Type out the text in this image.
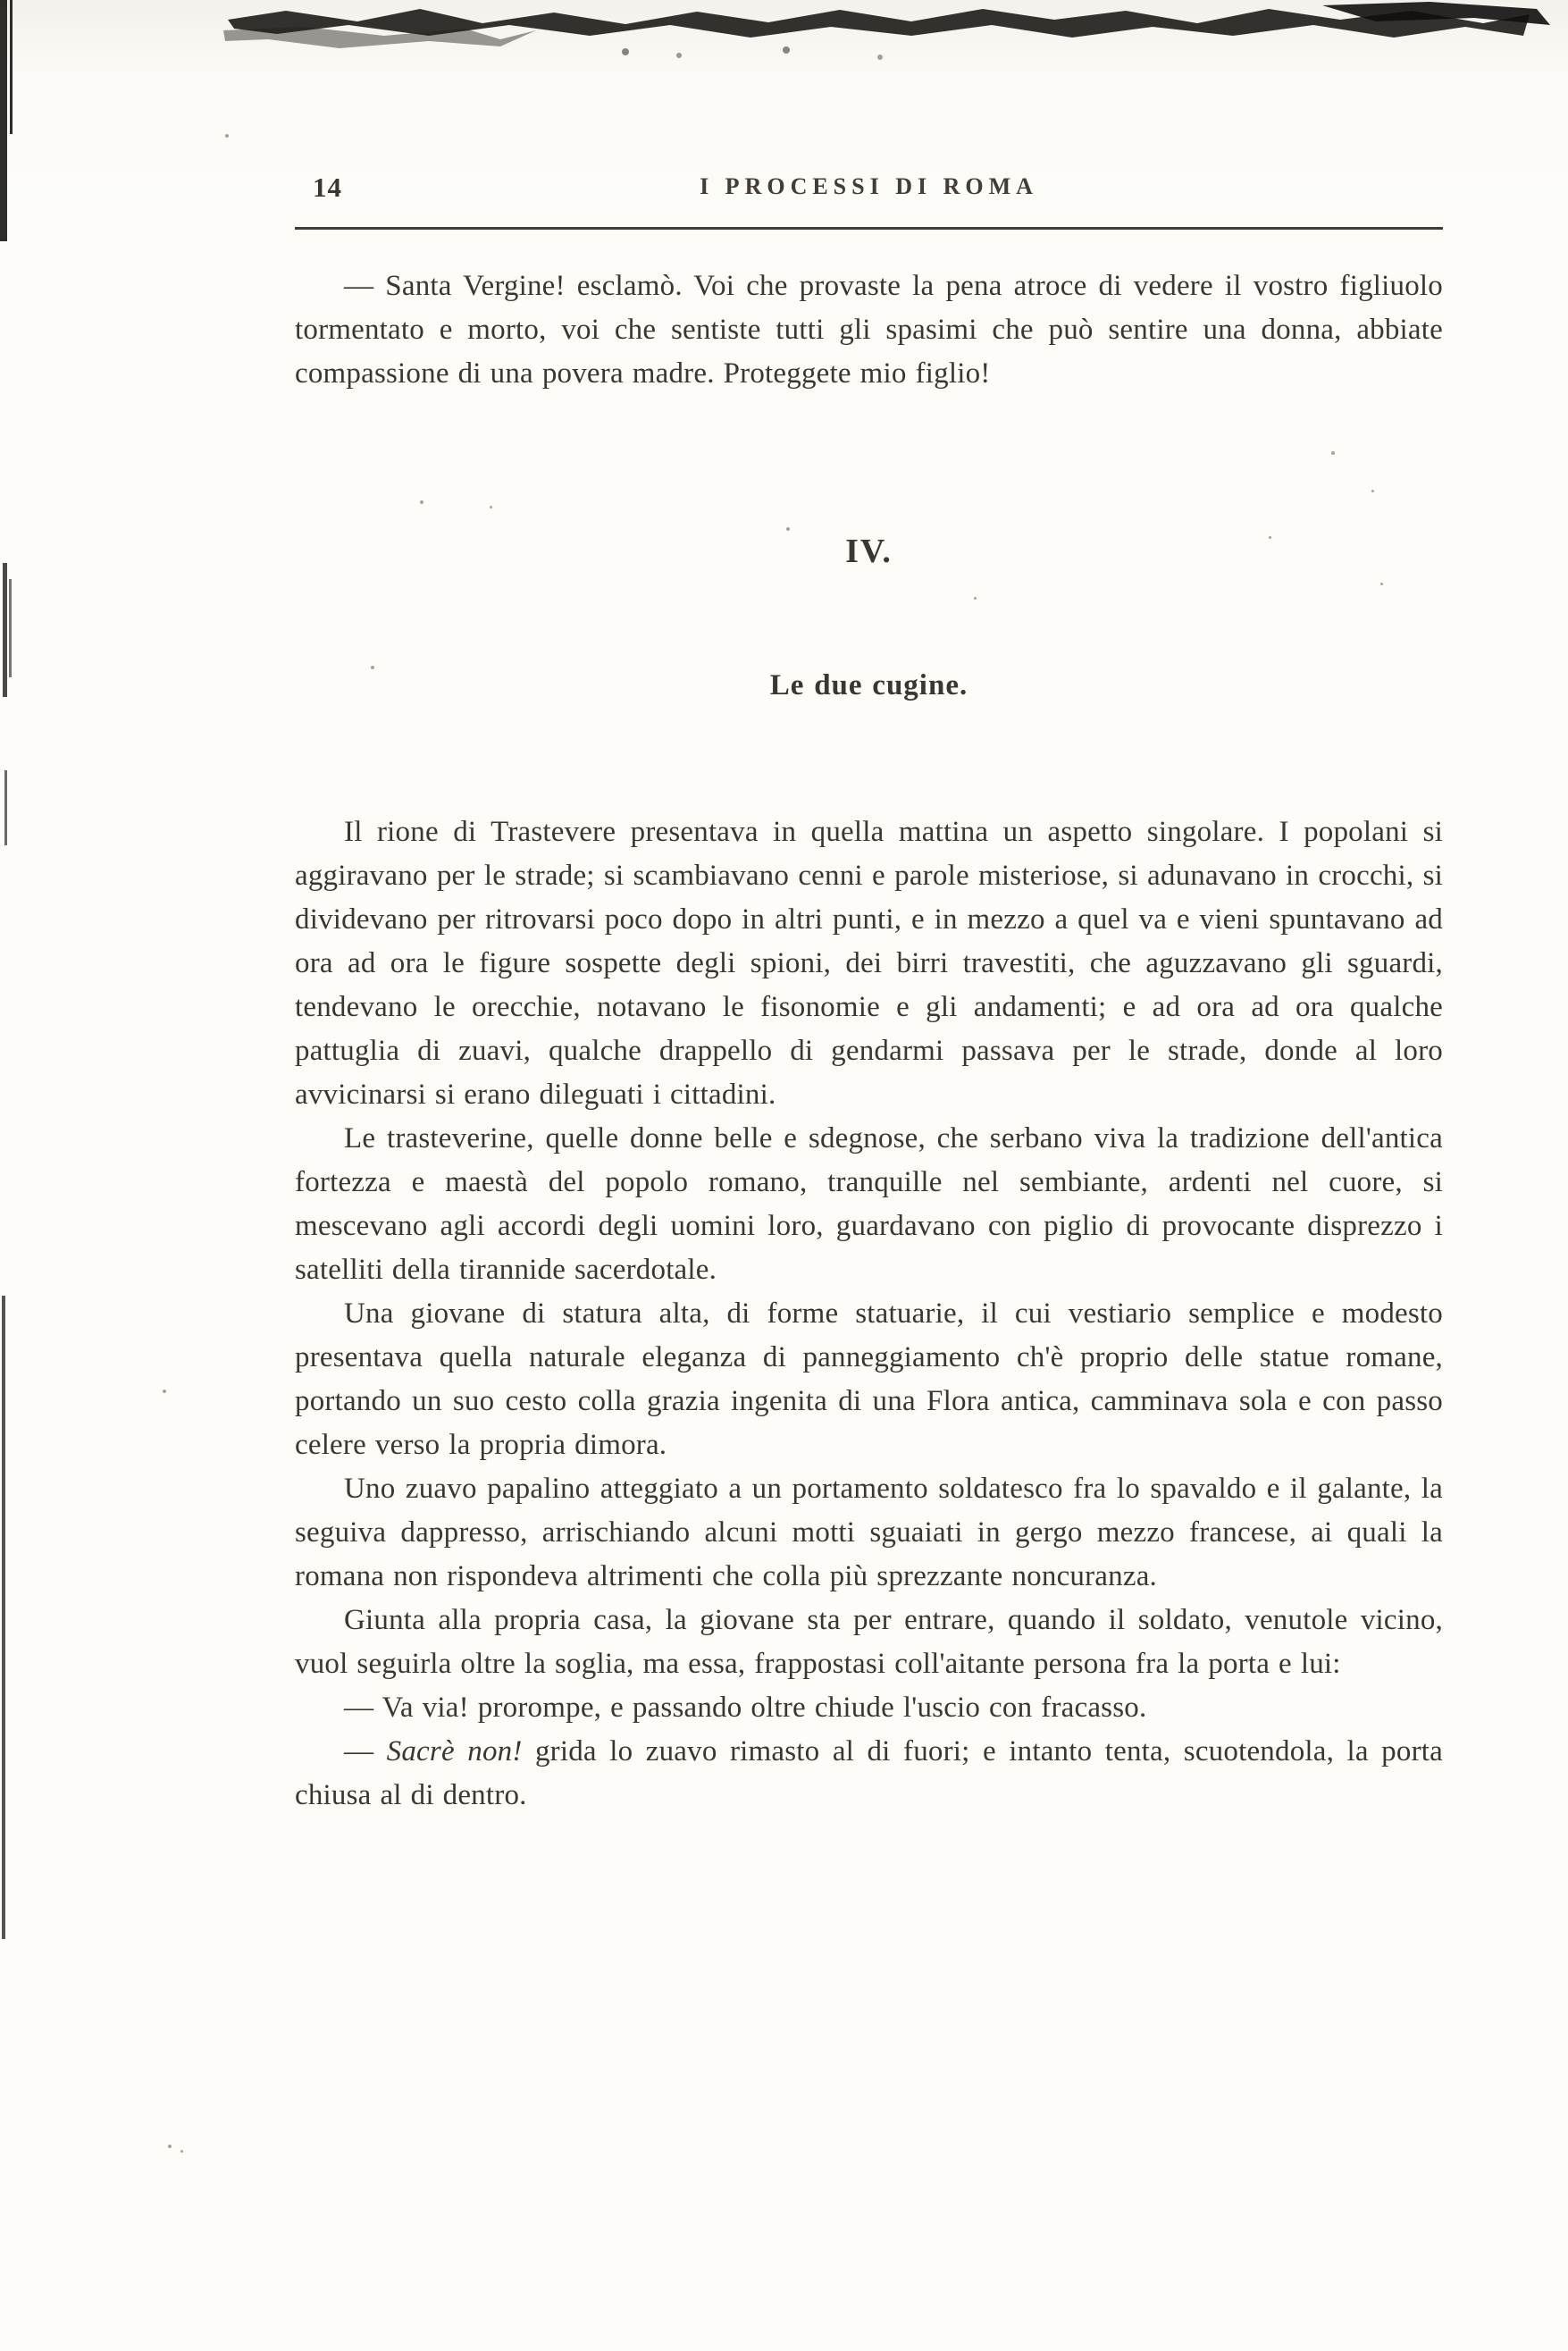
14	I PROCESSI DI ROMA

— Santa Vergine! esclamò. Voi che provaste la pena atroce di vedere il vostro figliuolo tormentato e morto, voi che sentiste tutti gli spasimi che può sentire una donna, abbiate compassione di una povera madre. Proteggete mio figlio!

IV.
Le due cugine.

Il rione di Trastevere presentava in quella mattina un aspetto singolare. I popolani si aggiravano per le strade; si scambiavano cenni e parole misteriose, si adunavano in crocchi, si dividevano per ritrovarsi poco dopo in altri punti, e in mezzo a quel va e vieni spuntavano ad ora ad ora le figure sospette degli spioni, dei birri travestiti, che aguzzavano gli sguardi, tendevano le orecchie, notavano le fisonomie e gli andamenti; e ad ora ad ora qualche pattuglia di zuavi, qualche drappello di gendarmi passava per le strade, donde al loro avvicinarsi si erano dileguati i cittadini.

Le trasteverine, quelle donne belle e sdegnose, che serbano viva la tradizione dell'antica fortezza e maestà del popolo romano, tranquille nel sembiante, ardenti nel cuore, si mescevano agli accordi degli uomini loro, guardavano con piglio di provocante disprezzo i satelliti della tirannide sacerdotale.

Una giovane di statura alta, di forme statuarie, il cui vestiario semplice e modesto presentava quella naturale eleganza di panneggiamento ch'è proprio delle statue romane, portando un suo cesto colla grazia ingenita di una Flora antica, camminava sola e con passo celere verso la propria dimora.

Uno zuavo papalino atteggiato a un portamento soldatesco fra lo spavaldo e il galante, la seguiva dappresso, arrischiando alcuni motti sguaiati in gergo mezzo francese, ai quali la romana non rispondeva altrimenti che colla più sprezzante noncuranza.

Giunta alla propria casa, la giovane sta per entrare, quando il soldato, venutole vicino, vuol seguirla oltre la soglia, ma essa, frappostasi coll'aitante persona fra la porta e lui:

— Va via! prorompe, e passando oltre chiude l'uscio con fracasso.

— Sacrè non! grida lo zuavo rimasto al di fuori; e intanto tenta, scuotendola, la porta chiusa al di dentro.
